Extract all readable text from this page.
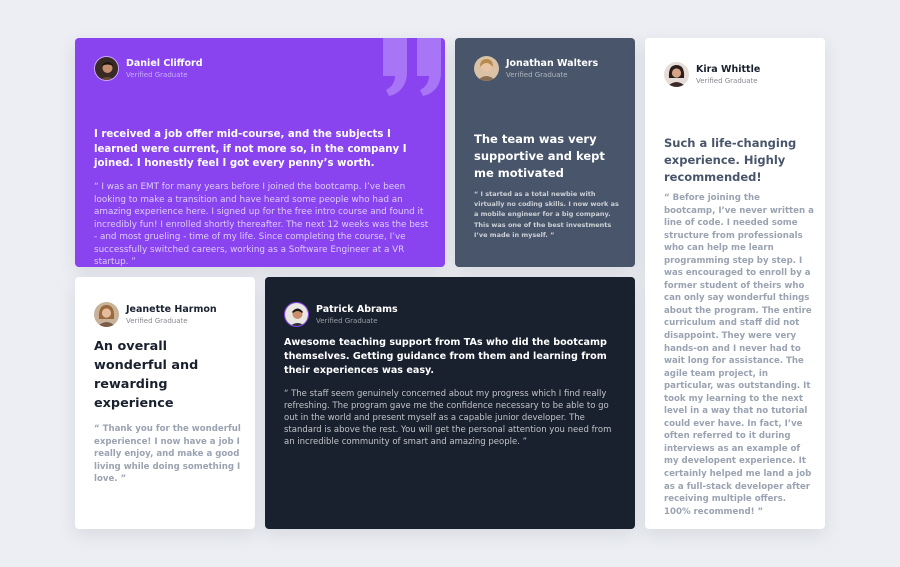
Daniel Clifford
Verified Graduate
I received a job offer mid-course, and the subjects I learned were current, if not more so, in the company I joined. I honestly feel I got every penny’s worth.
“ I was an EMT for many years before I joined the bootcamp. I’ve been looking to make a transition and have heard some people who had an amazing experience here. I signed up for the free intro course and found it incredibly fun! I enrolled shortly thereafter. The next 12 weeks was the best - and most grueling - time of my life. Since completing the course, I’ve successfully switched careers, working as a Software Engineer at a VR startup. ”
Jonathan Walters
Verified Graduate
The team was very supportive and kept me motivated
“ I started as a total newbie with virtually no coding skills. I now work as a mobile engineer for a big company. This was one of the best investments I’ve made in myself. ”
Kira Whittle
Verified Graduate
Such a life-changing experience. Highly recommended!
“ Before joining the bootcamp, I’ve never written a line of code. I needed some structure from professionals who can help me learn programming step by step. I was encouraged to enroll by a former student of theirs who can only say wonderful things about the program. The entire curriculum and staff did not disappoint. They were very hands-on and I never had to wait long for assistance. The agile team project, in particular, was outstanding. It took my learning to the next level in a way that no tutorial could ever have. In fact, I’ve often referred to it during interviews as an example of my developent experience. It certainly helped me land a job as a full-stack developer after receiving multiple offers. 100% recommend! ”
Jeanette Harmon
Verified Graduate
An overall wonderful and rewarding experience
“ Thank you for the wonderful experience! I now have a job I really enjoy, and make a good living while doing something I love. ”
Patrick Abrams
Verified Graduate
Awesome teaching support from TAs who did the bootcamp themselves. Getting guidance from them and learning from their experiences was easy.
“ The staff seem genuinely concerned about my progress which I find really refreshing. The program gave me the confidence necessary to be able to go out in the world and present myself as a capable junior developer. The standard is above the rest. You will get the personal attention you need from an incredible community of smart and amazing people. ”
